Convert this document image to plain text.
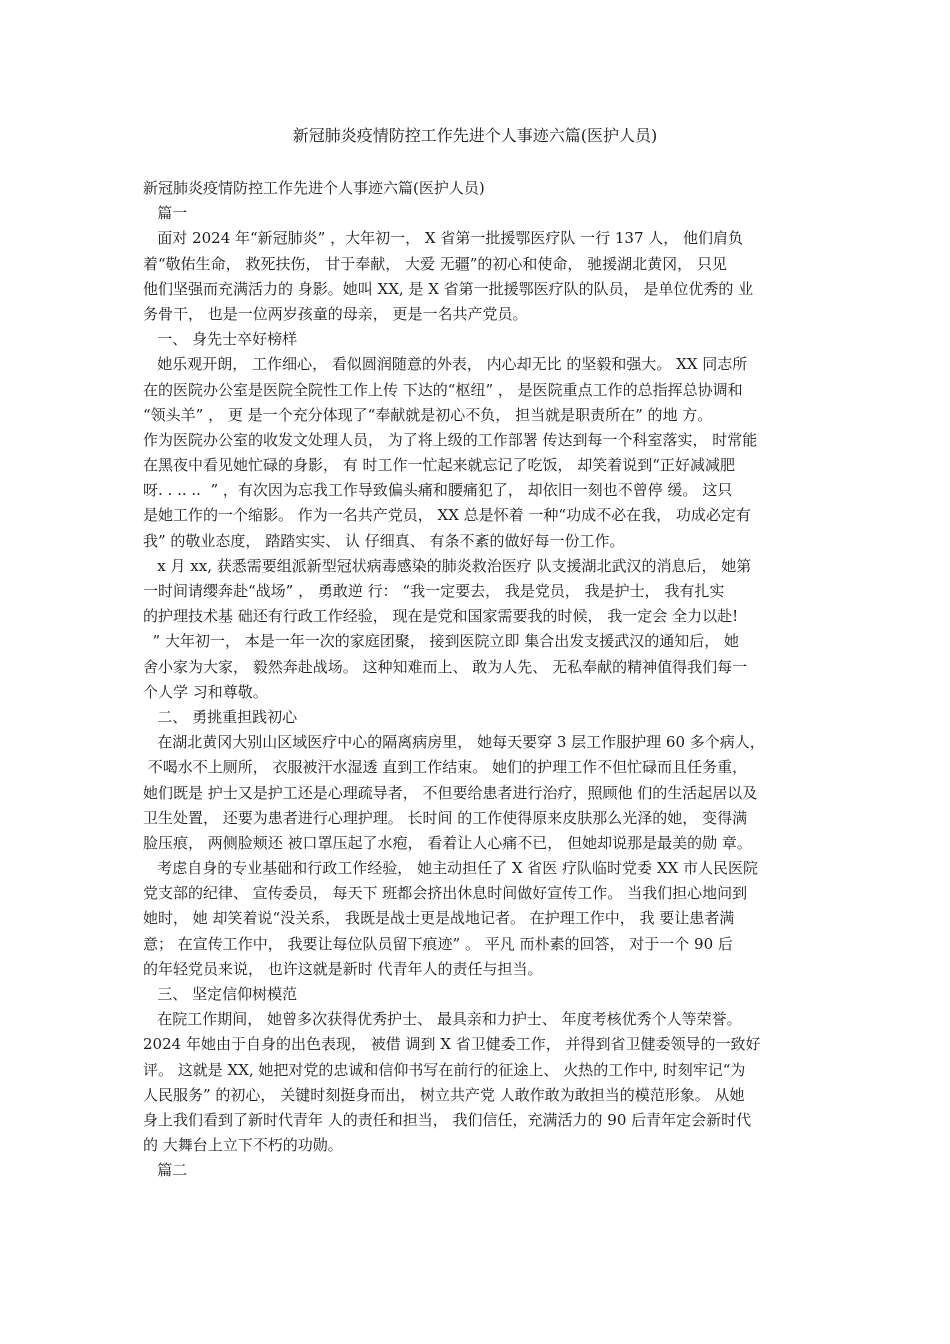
新冠肺炎疫情防控工作先进个人事迹六篇(医护人员)
新冠肺炎疫情防控工作先进个人事迹六篇(医护人员)
篇一
面对 2024 年“新冠肺炎” ，大年初一， X 省第一批援鄂医疗队 一行 137 人， 他们肩负
着“敬佑生命， 救死扶伤， 甘于奉献， 大爱 无疆”的初心和使命， 驰援湖北黄冈， 只见
他们坚强而充满活力的 身影。她叫 XX, 是 X 省第一批援鄂医疗队的队员， 是单位优秀的 业
务骨干， 也是一位两岁孩童的母亲， 更是一名共产党员。
一、 身先士卒好榜样
她乐观开朗， 工作细心， 看似圆润随意的外表， 内心却无比 的坚毅和强大。 XX 同志所
在的医院办公室是医院全院性工作上传 下达的“枢纽” ， 是医院重点工作的总指挥总协调和
“领头羊” ， 更 是一个充分体现了“奉献就是初心不负， 担当就是职责所在” 的地 方。
作为医院办公室的收发文处理人员， 为了将上级的工作部署 传达到每一个科室落实， 时常能
在黑夜中看见她忙碌的身影， 有 时工作一忙起来就忘记了吃饭， 却笑着说到“正好减减肥
呀. . .. ..  ” ，有次因为忘我工作导致偏头痛和腰痛犯了， 却依旧一刻也不曾停 缓。 这只
是她工作的一个缩影。 作为一名共产党员， XX 总是怀着 一种“功成不必在我， 功成必定有
我” 的敬业态度， 踏踏实实、 认 仔细真、 有条不紊的做好每一份工作。
x 月 xx, 获悉需要组派新型冠状病毒感染的肺炎救治医疗 队支援湖北武汉的消息后， 她第
一时间请缨奔赴“战场” ， 勇敢逆 行： “我一定要去， 我是党员， 我是护士， 我有扎实
的护理技术基 础还有行政工作经验， 现在是党和国家需要我的时候， 我一定会 全力以赴!
” 大年初一， 本是一年一次的家庭团聚， 接到医院立即 集合出发支援武汉的通知后， 她
舍小家为大家， 毅然奔赴战场。 这种知难而上、 敢为人先、 无私奉献的精神值得我们每一
个人学 习和尊敬。
二、 勇挑重担践初心
在湖北黄冈大别山区域医疗中心的隔离病房里， 她每天要穿 3 层工作服护理 60 多个病人，
不喝水不上厕所， 衣服被汗水湿透 直到工作结束。 她们的护理工作不但忙碌而且任务重，
她们既是 护士又是护工还是心理疏导者， 不但要给患者进行治疗，照顾他 们的生活起居以及
卫生处置， 还要为患者进行心理护理。 长时间 的工作使得原来皮肤那么光泽的她， 变得满
脸压痕， 两侧脸颊还 被口罩压起了水疱， 看着让人心痛不已， 但她却说那是最美的勋 章。
考虑自身的专业基础和行政工作经验， 她主动担任了 X 省医 疗队临时党委 XX 市人民医院
党支部的纪律、 宣传委员， 每天下 班都会挤出休息时间做好宣传工作。 当我们担心地问到
她时， 她 却笑着说“没关系， 我既是战士更是战地记者。 在护理工作中， 我 要让患者满
意； 在宣传工作中， 我要让每位队员留下痕迹” 。 平凡 而朴素的回答， 对于一个 90 后
的年轻党员来说， 也许这就是新时 代青年人的责任与担当。
三、 坚定信仰树模范
在院工作期间， 她曾多次获得优秀护士、 最具亲和力护士、 年度考核优秀个人等荣誉。
2024 年她由于自身的出色表现， 被借 调到 X 省卫健委工作， 并得到省卫健委领导的一致好
评。 这就是 XX, 她把对党的忠诚和信仰书写在前行的征途上、 火热的工作中, 时刻牢记“为
人民服务” 的初心， 关键时刻挺身而出， 树立共产党 人敢作敢为敢担当的模范形象。 从她
身上我们看到了新时代青年 人的责任和担当， 我们信任，充满活力的 90 后青年定会新时代
的 大舞台上立下不朽的功勋。
篇二
